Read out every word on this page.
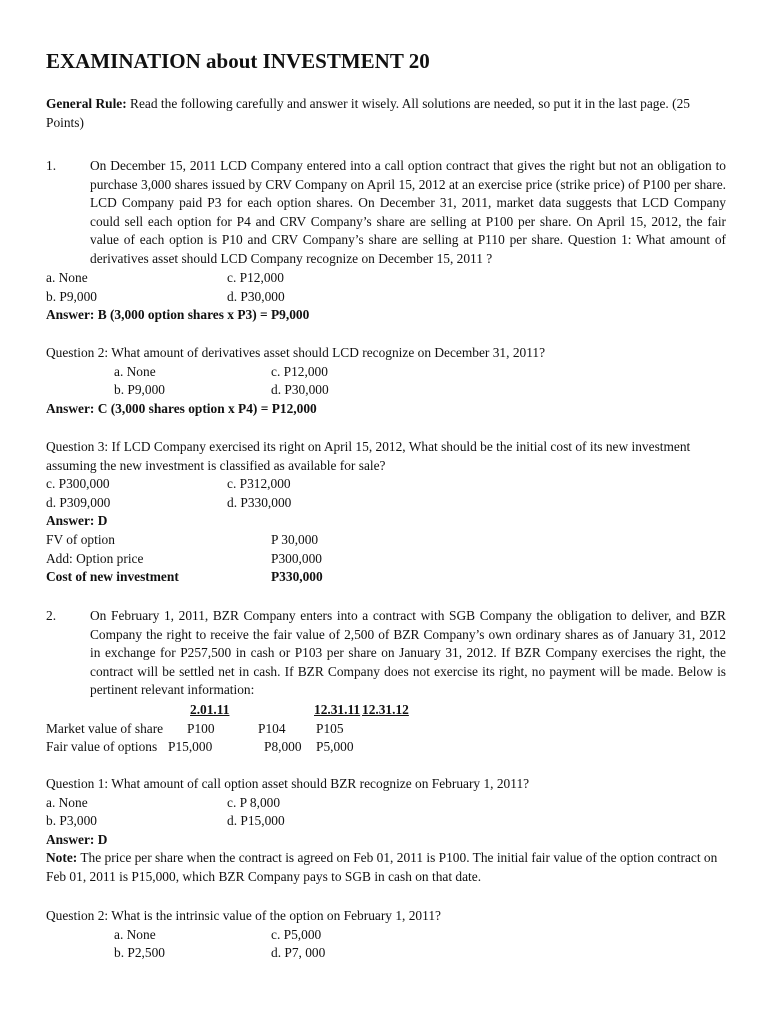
EXAMINATION about INVESTMENT 20
General Rule: Read the following carefully and answer it wisely. All solutions are needed, so put it in the last page. (25 Points)
1.	On December 15, 2011 LCD Company entered into a call option contract that gives the right but not an obligation to purchase 3,000 shares issued by CRV Company on April 15, 2012 at an exercise price (strike price) of P100 per share. LCD Company paid P3 for each option shares. On December 31, 2011, market data suggests that LCD Company could sell each option for P4 and CRV Company’s share are selling at P100 per share. On April 15, 2012, the fair value of each option is P10 and CRV Company’s share are selling at P110 per share. Question 1: What amount of derivatives asset should LCD Company recognize on December 15, 2011 ?
a. None	c. P12,000
b. P9,000	d. P30,000
Answer: B (3,000 option shares x P3) = P9,000
Question 2: What amount of derivatives asset should LCD recognize on December 31, 2011?
a. None	c. P12,000
b. P9,000	d. P30,000
Answer: C (3,000 shares option x P4) = P12,000
Question 3: If LCD Company exercised its right on April 15, 2012, What should be the initial cost of its new investment assuming the new investment is classified as available for sale?
c. P300,000	c. P312,000
d. P309,000	d. P330,000
Answer: D
FV of option	P 30,000
Add: Option price	P300,000
Cost of new investment	P330,000
2.	On February 1, 2011, BZR Company enters into a contract with SGB Company the obligation to deliver, and BZR Company the right to receive the fair value of 2,500 of BZR Company’s own ordinary shares as of January 31, 2012 in exchange for P257,500 in cash or P103 per share on January 31, 2012. If BZR Company exercises the right, the contract will be settled net in cash. If BZR Company does not exercise its right, no payment will be made. Below is pertinent relevant information:
2.01.11	12.31.11 12.31.12
Market value of share P100	P104 P105
Fair value of options P15,000	P8,000 P5,000
Question 1: What amount of call option asset should BZR recognize on February 1, 2011?
a. None	c. P 8,000
b. P3,000	d. P15,000
Answer: D
Note: The price per share when the contract is agreed on Feb 01, 2011 is P100. The initial fair value of the option contract on Feb 01, 2011 is P15,000, which BZR Company pays to SGB in cash on that date.
Question 2: What is the intrinsic value of the option on February 1, 2011?
a. None	c. P5,000
b. P2,500	d. P7, 000
